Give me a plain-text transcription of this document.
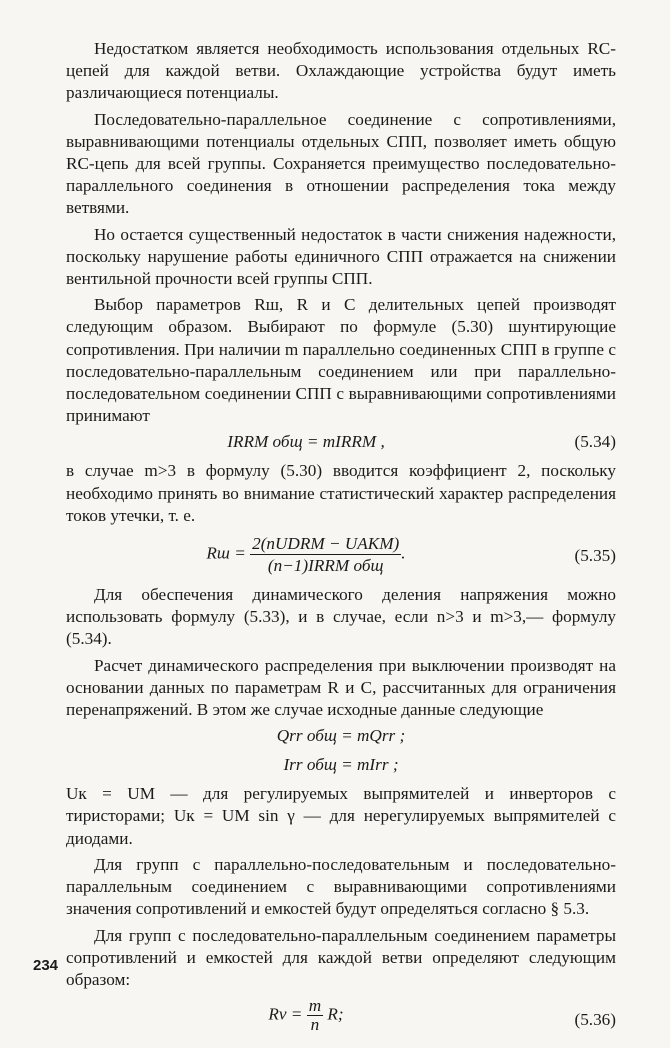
Недостатком является необходимость использования отдельных RC-цепей для каждой ветви. Охлаждающие устройства будут иметь различающиеся потенциалы.

Последовательно-параллельное соединение с сопротивлениями, выравнивающими потенциалы отдельных СПП, позволяет иметь общую RC-цепь для всей группы. Сохраняется преимущество последовательно-параллельного соединения в отношении распределения тока между ветвями.

Но остается существенный недостаток в части снижения надежности, поскольку нарушение работы единичного СПП отражается на снижении вентильной прочности всей группы СПП.

Выбор параметров Rш, R и C делительных цепей производят следующим образом. Выбирают по формуле (5.30) шунтирующие сопротивления. При наличии m параллельно соединенных СПП в группе с последовательно-параллельным соединением или при параллельно-последовательном соединении СПП с выравнивающими сопротивлениями принимают

IRRM общ = mIRRM ,	(5.34)

в случае m>3 в формулу (5.30) вводится коэффициент 2, поскольку необходимо принять во внимание статистический характер распределения токов утечки, т. е.

Rш = $\frac{\text{2(nUDRM − UAKM)}}{\text{(n−1)IRRM общ}}$ .	(5.35)

Для обеспечения динамического деления напряжения можно использовать формулу (5.33), и в случае, если n>3 и m>3,— формулу (5.34).

Расчет динамического распределения при выключении производят на основании данных по параметрам R и C, рассчитанных для ограничения перенапряжений. В этом же случае исходные данные следующие

Qrr общ = mQrr ;
Irr общ = mIrr ;

Uк = UM — для регулируемых выпрямителей и инверторов с тиристорами; Uк = UM sin γ — для нерегулируемых выпрямителей с диодами.

Для групп с параллельно-последовательным и последовательно-параллельным соединением с выравнивающими сопротивлениями значения сопротивлений и емкостей будут определяться согласно § 5.3.

Для групп с последовательно-параллельным соединением параметры сопротивлений и емкостей для каждой ветви определяют следующим образом:

$Rv = \frac{m}{n} R$;	(5.36)
234
